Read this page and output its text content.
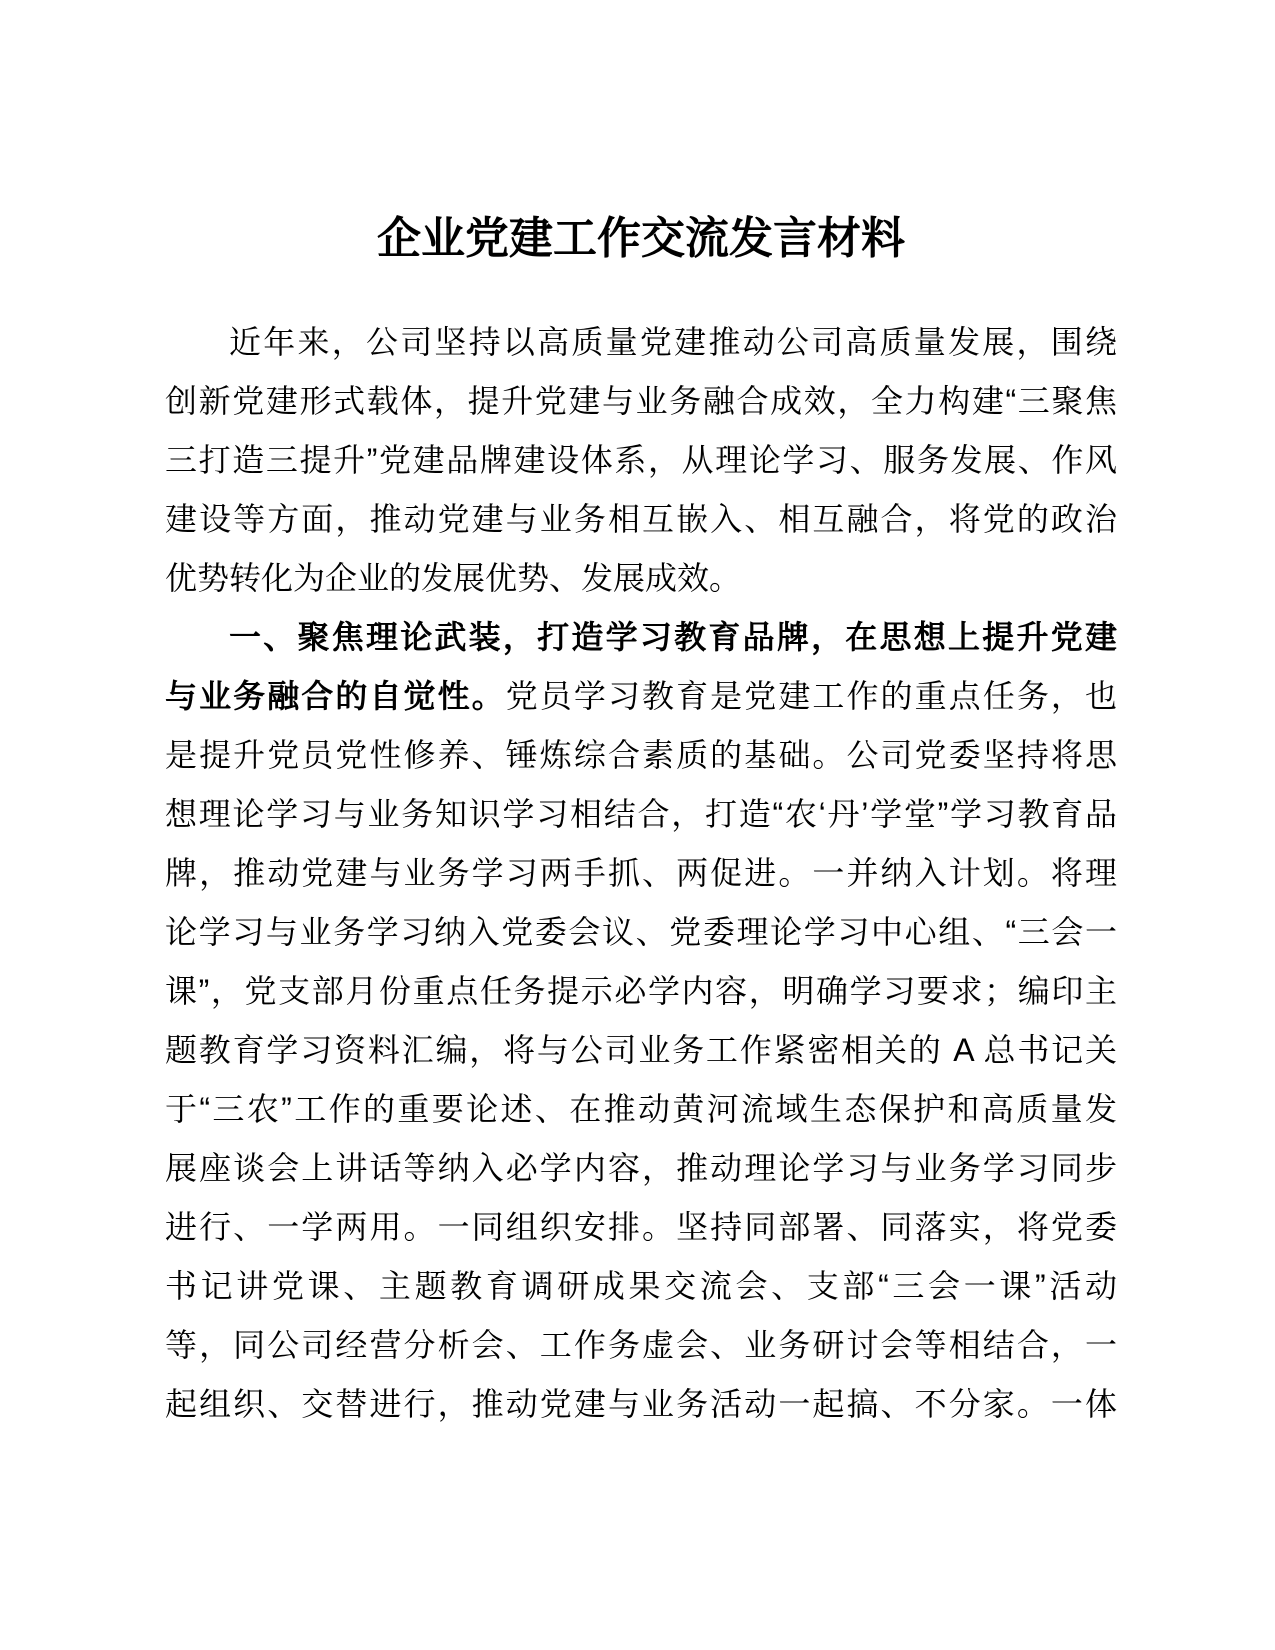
企业党建工作交流发言材料
近年来，公司坚持以高质量党建推动公司高质量发展，围绕
创新党建形式载体，提升党建与业务融合成效，全力构建“三聚焦
三打造三提升”党建品牌建设体系，从理论学习、服务发展、作风
建设等方面，推动党建与业务相互嵌入、相互融合，将党的政治
优势转化为企业的发展优势、发展成效。
一、聚焦理论武装，打造学习教育品牌，在思想上提升党建
与业务融合的自觉性。党员学习教育是党建工作的重点任务，也
是提升党员党性修养、锤炼综合素质的基础。公司党委坚持将思
想理论学习与业务知识学习相结合，打造“农‘丹’学堂”学习教育品
牌，推动党建与业务学习两手抓、两促进。一并纳入计划。将理
论学习与业务学习纳入党委会议、党委理论学习中心组、“三会一
课”，党支部月份重点任务提示必学内容，明确学习要求；编印主
题教育学习资料汇编，将与公司业务工作紧密相关的 A 总书记关
于“三农”工作的重要论述、在推动黄河流域生态保护和高质量发
展座谈会上讲话等纳入必学内容，推动理论学习与业务学习同步
进行、一学两用。一同组织安排。坚持同部署、同落实，将党委
书记讲党课、主题教育调研成果交流会、支部“三会一课”活动
等，同公司经营分析会、工作务虚会、业务研讨会等相结合，一
起组织、交替进行，推动党建与业务活动一起搞、不分家。一体
